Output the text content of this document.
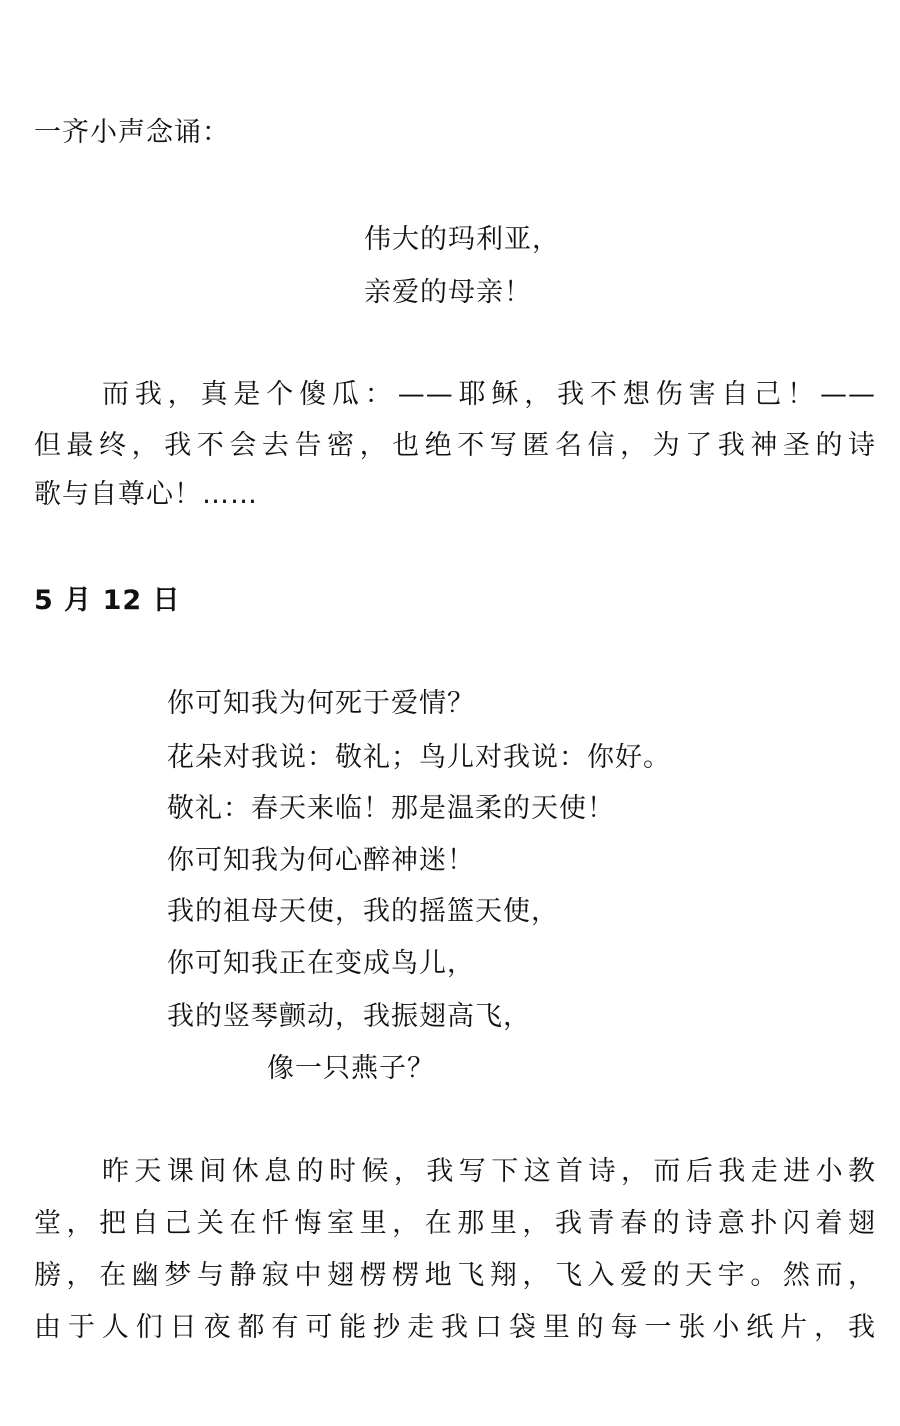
一齐小声念诵：
伟大的玛利亚，
亲爱的母亲！
而我，真是个傻瓜：——耶稣，我不想伤害自己！——
但最终，我不会去告密，也绝不写匿名信，为了我神圣的诗
歌与自尊心！……
5 月 12 日
你可知我为何死于爱情？
花朵对我说：敬礼；鸟儿对我说：你好。
敬礼：春天来临！那是温柔的天使！
你可知我为何心醉神迷！
我的祖母天使，我的摇篮天使，
你可知我正在变成鸟儿，
我的竖琴颤动，我振翅高飞，
像一只燕子？
昨天课间休息的时候，我写下这首诗，而后我走进小教
堂，把自己关在忏悔室里，在那里，我青春的诗意扑闪着翅
膀，在幽梦与静寂中翅楞楞地飞翔，飞入爱的天宇。然而，
由于人们日夜都有可能抄走我口袋里的每一张小纸片，我
